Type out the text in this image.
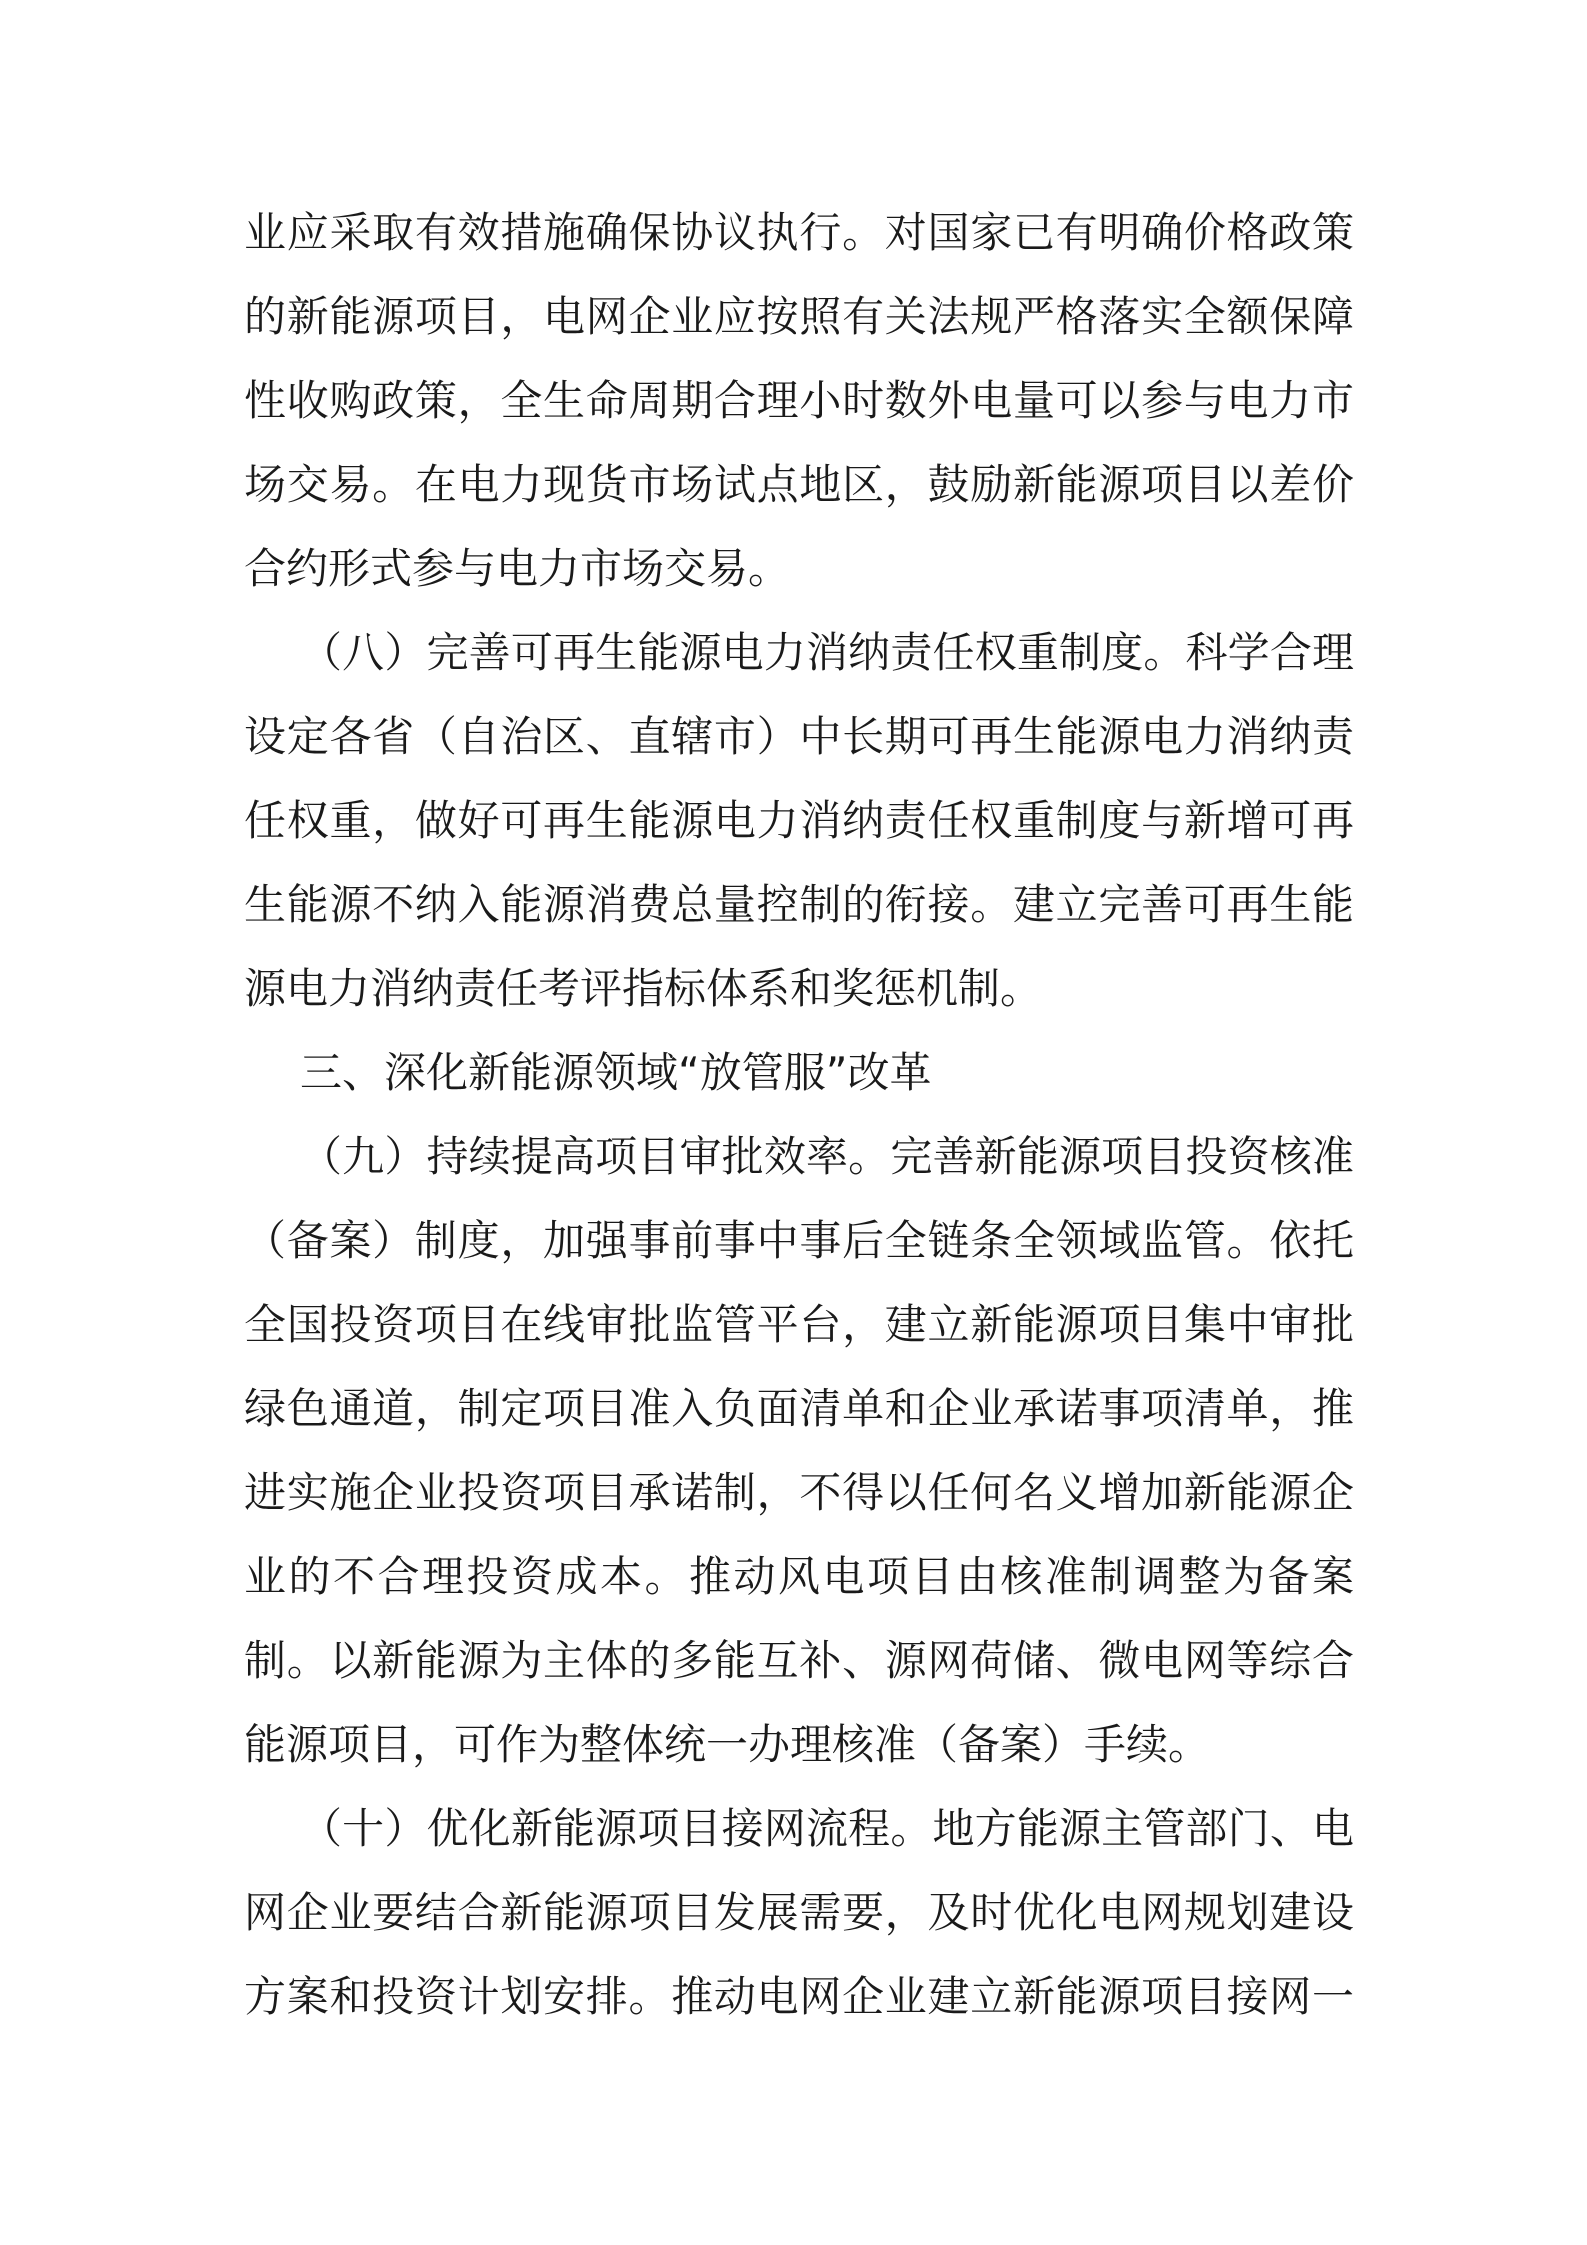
业应采取有效措施确保协议执行。对国家已有明确价格政策
的新能源项目，电网企业应按照有关法规严格落实全额保障
性收购政策，全生命周期合理小时数外电量可以参与电力市
场交易。在电力现货市场试点地区，鼓励新能源项目以差价
合约形式参与电力市场交易。
（八）完善可再生能源电力消纳责任权重制度。科学合理
设定各省（自治区、直辖市）中长期可再生能源电力消纳责
任权重，做好可再生能源电力消纳责任权重制度与新增可再
生能源不纳入能源消费总量控制的衔接。建立完善可再生能
源电力消纳责任考评指标体系和奖惩机制。
三、深化新能源领域“放管服”改革
（九）持续提高项目审批效率。完善新能源项目投资核准
（备案）制度，加强事前事中事后全链条全领域监管。依托
全国投资项目在线审批监管平台，建立新能源项目集中审批
绿色通道，制定项目准入负面清单和企业承诺事项清单，推
进实施企业投资项目承诺制，不得以任何名义增加新能源企
业的不合理投资成本。推动风电项目由核准制调整为备案
制。以新能源为主体的多能互补、源网荷储、微电网等综合
能源项目，可作为整体统一办理核准（备案）手续。
（十）优化新能源项目接网流程。地方能源主管部门、电
网企业要结合新能源项目发展需要，及时优化电网规划建设
方案和投资计划安排。推动电网企业建立新能源项目接网一
